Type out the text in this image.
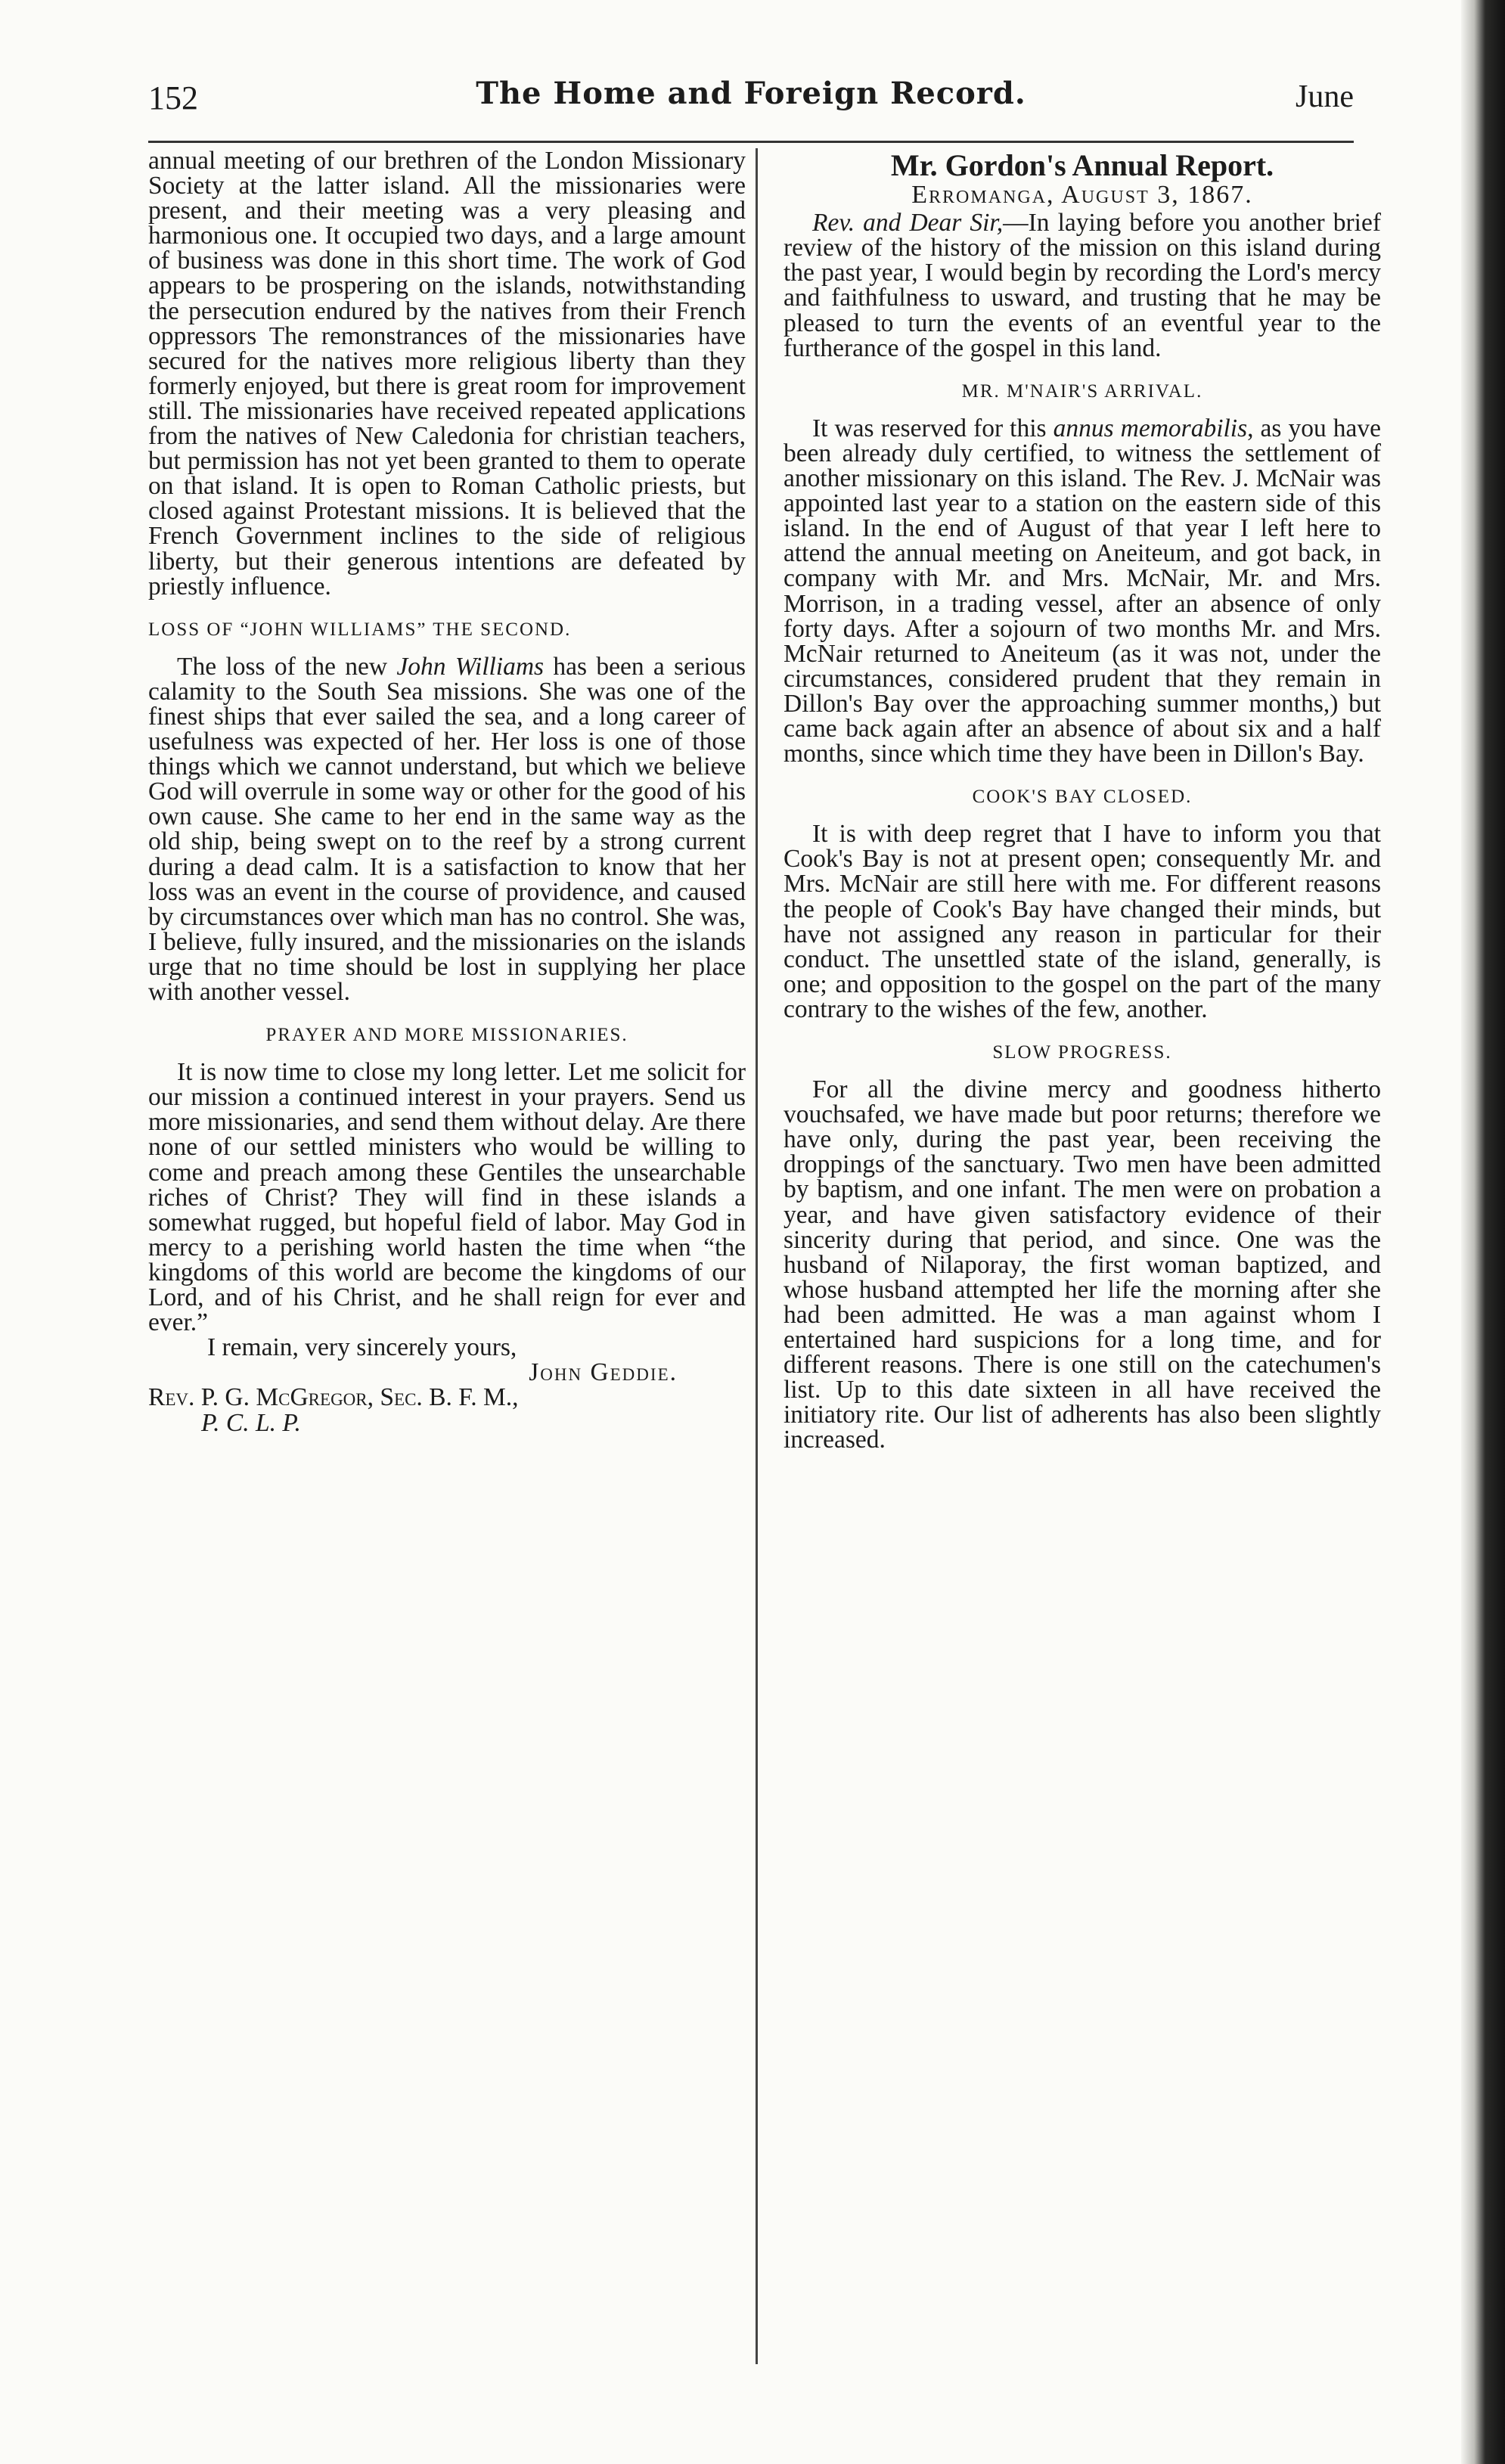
152	The Home and Foreign Record.	June

annual meeting of our brethren of the London Missionary Society at the latter island. All the missionaries were present, and their meeting was a very pleasing and harmonious one. It occupied two days, and a large amount of business was done in this short time. The work of God appears to be prospering on the islands, notwithstanding the persecution endured by the natives from their French oppressors The remonstrances of the missionaries have secured for the natives more religious liberty than they formerly enjoyed, but there is great room for improvement still. The missionaries have received repeated applications from the natives of New Caledonia for christian teachers, but permission has not yet been granted to them to operate on that island. It is open to Roman Catholic priests, but closed against Protestant missions. It is believed that the French Government inclines to the side of religious liberty, but their generous intentions are defeated by priestly influence.

LOSS OF “JOHN WILLIAMS” THE SECOND.

The loss of the new John Williams has been a serious calamity to the South Sea missions. She was one of the finest ships that ever sailed the sea, and a long career of usefulness was expected of her. Her loss is one of those things which we cannot understand, but which we believe God will overrule in some way or other for the good of his own cause. She came to her end in the same way as the old ship, being swept on to the reef by a strong current during a dead calm. It is a satisfaction to know that her loss was an event in the course of providence, and caused by circumstances over which man has no control. She was, I believe, fully insured, and the missionaries on the islands urge that no time should be lost in supplying her place with another vessel.

PRAYER AND MORE MISSIONARIES.

It is now time to close my long letter. Let me solicit for our mission a continued interest in your prayers. Send us more missionaries, and send them without delay. Are there none of our settled ministers who would be willing to come and preach among these Gentiles the unsearchable riches of Christ? They will find in these islands a somewhat rugged, but hopeful field of labor. May God in mercy to a perishing world hasten the time when “the kingdoms of this world are become the kingdoms of our Lord, and of his Christ, and he shall reign for ever and ever.”

I remain, very sincerely yours,

John Geddie.

Rev. P. G. McGregor, Sec. B. F. M.,

P. C. L. P.

Mr. Gordon's Annual Report.
Erromanga, August 3, 1867.

Rev. and Dear Sir,—In laying before you another brief review of the history of the mission on this island during the past year, I would begin by recording the Lord's mercy and faithfulness to usward, and trusting that he may be pleased to turn the events of an eventful year to the furtherance of the gospel in this land.

MR. M'NAIR'S ARRIVAL.

It was reserved for this annus memorabilis, as you have been already duly certified, to witness the settlement of another missionary on this island. The Rev. J. McNair was appointed last year to a station on the eastern side of this island. In the end of August of that year I left here to attend the annual meeting on Aneiteum, and got back, in company with Mr. and Mrs. McNair, Mr. and Mrs. Morrison, in a trading vessel, after an absence of only forty days. After a sojourn of two months Mr. and Mrs. McNair returned to Aneiteum (as it was not, under the circumstances, considered prudent that they remain in Dillon's Bay over the approaching summer months,) but came back again after an absence of about six and a half months, since which time they have been in Dillon's Bay.

COOK'S BAY CLOSED.

It is with deep regret that I have to inform you that Cook's Bay is not at present open; consequently Mr. and Mrs. McNair are still here with me. For different reasons the people of Cook's Bay have changed their minds, but have not assigned any reason in particular for their conduct. The unsettled state of the island, generally, is one; and opposition to the gospel on the part of the many contrary to the wishes of the few, another.

SLOW PROGRESS.

For all the divine mercy and goodness hitherto vouchsafed, we have made but poor returns; therefore we have only, during the past year, been receiving the droppings of the sanctuary. Two men have been admitted by baptism, and one infant. The men were on probation a year, and have given satisfactory evidence of their sincerity during that period, and since. One was the husband of Nilaporay, the first woman baptized, and whose husband attempted her life the morning after she had been admitted. He was a man against whom I entertained hard suspicions for a long time, and for different reasons. There is one still on the catechumen's list. Up to this date sixteen in all have received the initiatory rite. Our list of adherents has also been slightly increased.
